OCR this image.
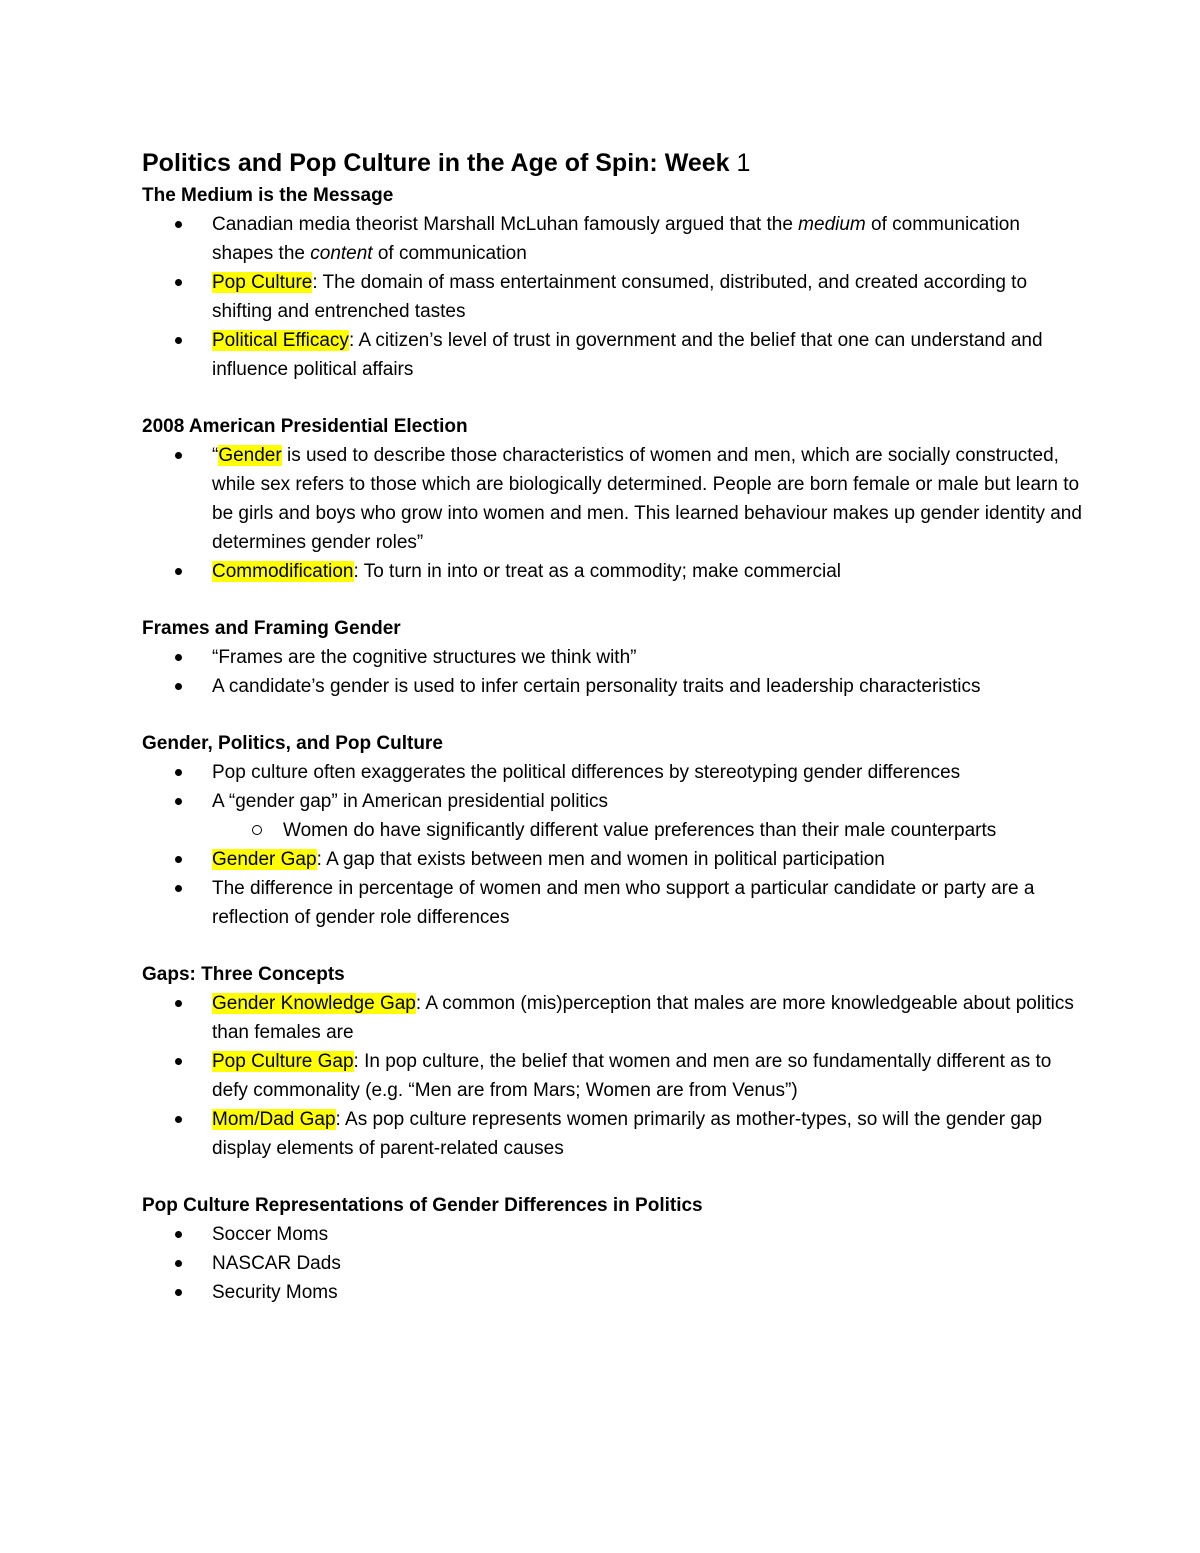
Politics and Pop Culture in the Age of Spin: Week 1
The Medium is the Message
Canadian media theorist Marshall McLuhan famously argued that the medium of communication shapes the content of communication
Pop Culture: The domain of mass entertainment consumed, distributed, and created according to shifting and entrenched tastes
Political Efficacy: A citizen’s level of trust in government and the belief that one can understand and influence political affairs
2008 American Presidential Election
“Gender is used to describe those characteristics of women and men, which are socially constructed, while sex refers to those which are biologically determined. People are born female or male but learn to be girls and boys who grow into women and men. This learned behaviour makes up gender identity and determines gender roles”
Commodification: To turn in into or treat as a commodity; make commercial
Frames and Framing Gender
“Frames are the cognitive structures we think with”
A candidate’s gender is used to infer certain personality traits and leadership characteristics
Gender, Politics, and Pop Culture
Pop culture often exaggerates the political differences by stereotyping gender differences
A “gender gap” in American presidential politics
Women do have significantly different value preferences than their male counterparts
Gender Gap: A gap that exists between men and women in political participation
The difference in percentage of women and men who support a particular candidate or party are a reflection of gender role differences
Gaps: Three Concepts
Gender Knowledge Gap: A common (mis)perception that males are more knowledgeable about politics than females are
Pop Culture Gap: In pop culture, the belief that women and men are so fundamentally different as to defy commonality (e.g. “Men are from Mars; Women are from Venus”)
Mom/Dad Gap: As pop culture represents women primarily as mother-types, so will the gender gap display elements of parent-related causes
Pop Culture Representations of Gender Differences in Politics
Soccer Moms
NASCAR Dads
Security Moms
